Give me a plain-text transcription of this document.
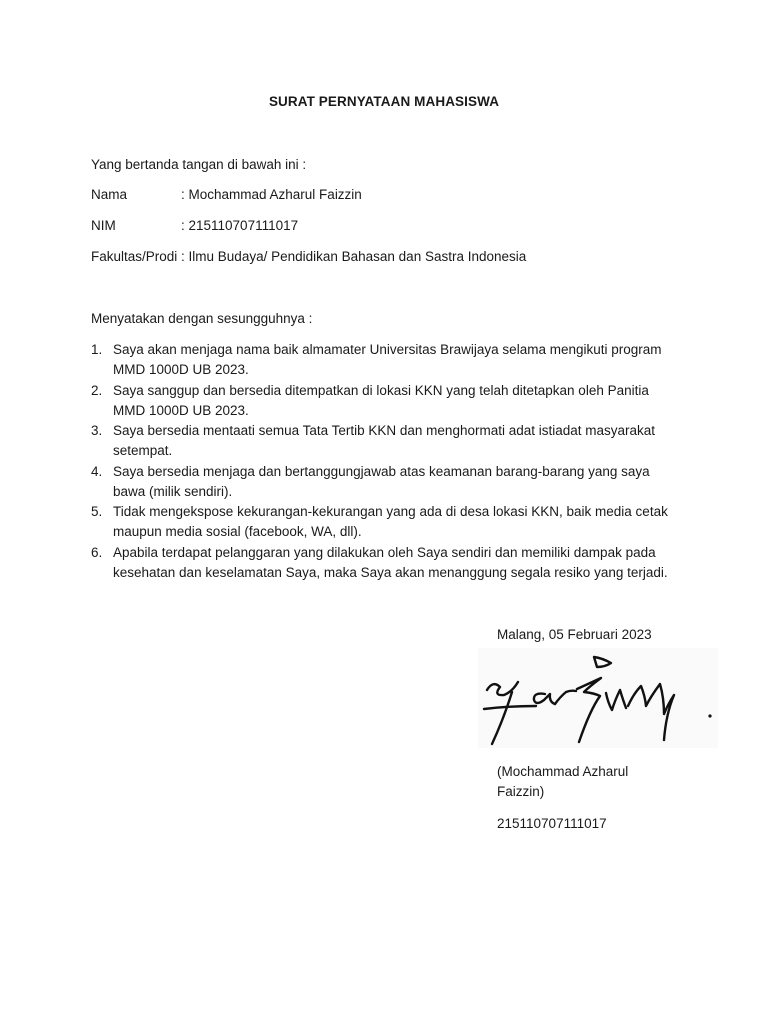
SURAT PERNYATAAN MAHASISWA
Yang bertanda tangan di bawah ini :
Nama	: Mochammad Azharul Faizzin
NIM	: 215110707111017
Fakultas/Prodi : Ilmu Budaya/ Pendidikan Bahasan dan Sastra Indonesia
Menyatakan dengan sesungguhnya :
1. Saya akan menjaga nama baik almamater Universitas Brawijaya selama mengikuti program
MMD 1000D UB 2023.
2. Saya sanggup dan bersedia ditempatkan di lokasi KKN yang telah ditetapkan oleh Panitia
MMD 1000D UB 2023.
3. Saya bersedia mentaati semua Tata Tertib KKN dan menghormati adat istiadat masyarakat
setempat.
4. Saya bersedia menjaga dan bertanggungjawab atas keamanan barang-barang yang saya
bawa (milik sendiri).
5. Tidak mengekspose kekurangan-kekurangan yang ada di desa lokasi KKN, baik media cetak
maupun media sosial (facebook, WA, dll).
6. Apabila terdapat pelanggaran yang dilakukan oleh Saya sendiri dan memiliki dampak pada
kesehatan dan keselamatan Saya, maka Saya akan menanggung segala resiko yang terjadi.
Malang, 05 Februari 2023
(Mochammad Azharul
Faizzin)
215110707111017
